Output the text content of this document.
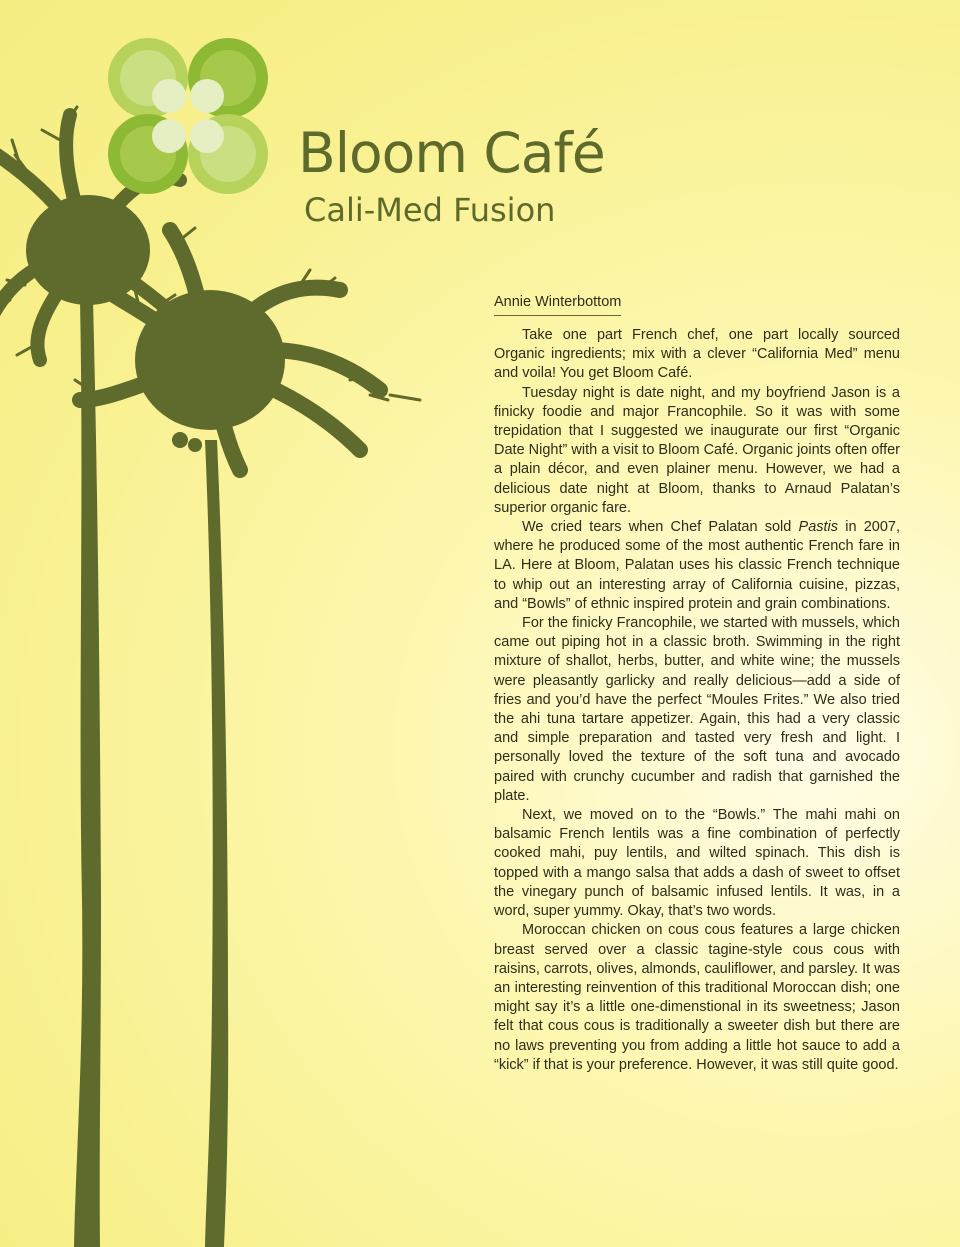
Bloom Café
Cali-Med Fusion
Annie Winterbottom

Take one part French chef, one part locally sourced Organic ingredients; mix with a clever “California Med” menu and voila! You get Bloom Café.

Tuesday night is date night, and my boyfriend Jason is a finicky foodie and major Francophile. So it was with some trepidation that I suggested we inaugurate our first “Organic Date Night” with a visit to Bloom Café. Organic joints often offer a plain décor, and even plainer menu. However, we had a delicious date night at Bloom, thanks to Arnaud Palatan’s superior organic fare.

We cried tears when Chef Palatan sold Pastis in 2007, where he produced some of the most authentic French fare in LA. Here at Bloom, Palatan uses his classic French technique to whip out an interesting array of California cuisine, pizzas, and “Bowls” of ethnic inspired protein and grain combinations.

For the finicky Francophile, we started with mussels, which came out piping hot in a classic broth. Swimming in the right mixture of shallot, herbs, butter, and white wine; the mussels were pleasantly garlicky and really delicious—add a side of fries and you’d have the perfect “Moules Frites.” We also tried the ahi tuna tartare appetizer. Again, this had a very classic and simple preparation and tasted very fresh and light. I personally loved the texture of the soft tuna and avocado paired with crunchy cucumber and radish that garnished the plate.

Next, we moved on to the “Bowls.” The mahi mahi on balsamic French lentils was a fine combination of perfectly cooked mahi, puy lentils, and wilted spinach. This dish is topped with a mango salsa that adds a dash of sweet to offset the vinegary punch of balsamic infused lentils. It was, in a word, super yummy. Okay, that’s two words.

Moroccan chicken on cous cous features a large chicken breast served over a classic tagine-style cous cous with raisins, carrots, olives, almonds, cauliflower, and parsley. It was an interesting reinvention of this traditional Moroccan dish; one might say it’s a little one-dimenstional in its sweetness; Jason felt that cous cous is traditionally a sweeter dish but there are no laws preventing you from adding a little hot sauce to add a “kick” if that is your preference. However, it was still quite good.
